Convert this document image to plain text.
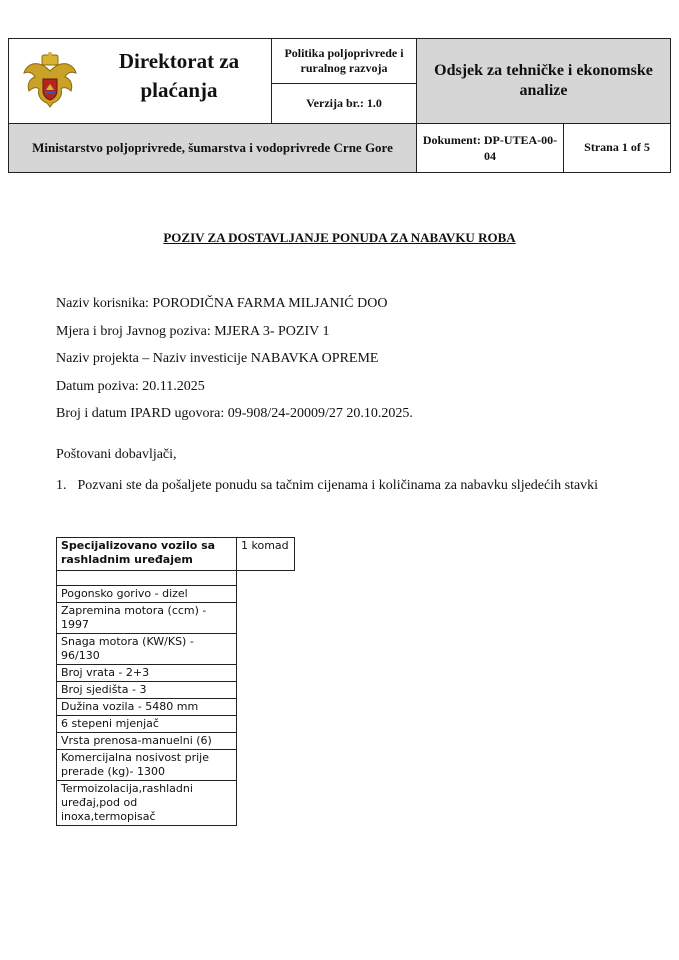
Direktorat za plaćanja
	Politika poljoprivrede i ruralnog razvoja	Odsjek za tehničke i ekonomske analize
Verzija br.: 1.0
Ministarstvo poljoprivrede, šumarstva i vodoprivrede Crne Gore	Dokument: DP-UTEA-00-04	Strana 1 of 5
POZIV ZA DOSTAVLJANJE PONUDA ZA NABAVKU ROBA
Naziv korisnika: PORODIČNA FARMA MILJANIĆ DOO
Mjera i broj Javnog poziva: MJERA 3- POZIV 1
Naziv projekta – Naziv investicije NABAVKA OPREME
Datum poziva: 20.11.2025
Broj i datum IPARD ugovora: 09-908/24-20009/27 20.10.2025.
Poštovani dobavljači,
1. Pozvani ste da pošaljete ponudu sa tačnim cijenama i količinama za nabavku sljedećih stavki
Specijalizovano vozilo sa rashladnim uređajem	1 komad

Pogonsko gorivo - dizel	
Zapremina motora (ccm) - 1997	
Snaga motora (KW/KS) - 96/130	
Broj vrata - 2+3	
Broj sjedišta - 3	
Dužina vozila - 5480 mm	
6 stepeni mjenjač	
Vrsta prenosa-manuelni (6)	
Komercijalna nosivost prije prerade (kg)- 1300	
Termoizolacija,rashladni uređaj,pod od inoxa,termopisač	
